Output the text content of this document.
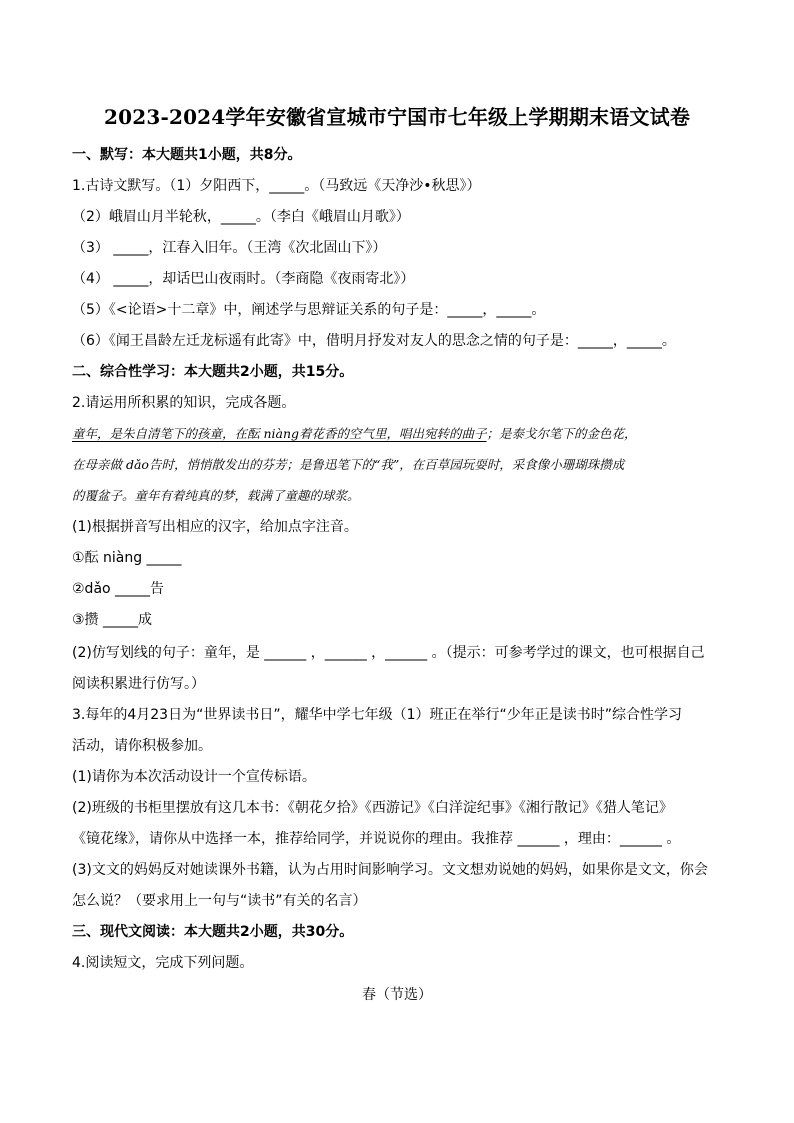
2023-2024学年安徽省宣城市宁国市七年级上学期期末语文试卷
一、默写：本大题共1小题，共8分。
1.古诗文默写。（1）夕阳西下，_____。（马致远《天净沙•秋思》）
（2）峨眉山月半轮秋，_____。（李白《峨眉山月歌》）
（3） _____，江春入旧年。（王湾《次北固山下》）
（4） _____，却话巴山夜雨时。（李商隐《夜雨寄北》）
（5）《<论语>十二章》中，阐述学与思辩证关系的句子是：_____，_____。
（6）《闻王昌龄左迁龙标遥有此寄》中，借明月抒发对友人的思念之情的句子是：_____，_____。
二、综合性学习：本大题共2小题，共15分。
2.请运用所积累的知识，完成各题。
童年，是朱自清笔下的孩童，在酝 niàng着花香的空气里，唱出宛转的曲子；是泰戈尔笔下的金色花，
在母亲做 dǎo告时，悄悄散发出的芬芳；是鲁迅笔下的“我”，在百草园玩耍时，采食像小珊瑚珠攒成
的覆盆子。童年有着纯真的梦，载满了童趣的球浆。
(1)根据拼音写出相应的汉字，给加点字注音。
①酝 niàng _____
②dǎo _____告
③攒 _____成
(2)仿写划线的句子：童年，是 ______ ，______ ，______ 。（提示：可参考学过的课文，也可根据自己
阅读积累进行仿写。）
3.每年的4月23日为“世界读书日”，耀华中学七年级（1）班正在举行“少年正是读书时”综合性学习
活动，请你积极参加。
(1)请你为本次活动设计一个宣传标语。
(2)班级的书柜里摆放有这几本书：《朝花夕拾》《西游记》《白洋淀纪事》《湘行散记》《猎人笔记》
《镜花缘》，请你从中选择一本，推荐给同学，并说说你的理由。我推荐 ______ ，理由：______ 。
(3)文文的妈妈反对她读课外书籍，认为占用时间影响学习。文文想劝说她的妈妈，如果你是文文，你会
怎么说？（要求用上一句与“读书”有关的名言）
三、现代文阅读：本大题共2小题，共30分。
4.阅读短文，完成下列问题。
春（节选）
